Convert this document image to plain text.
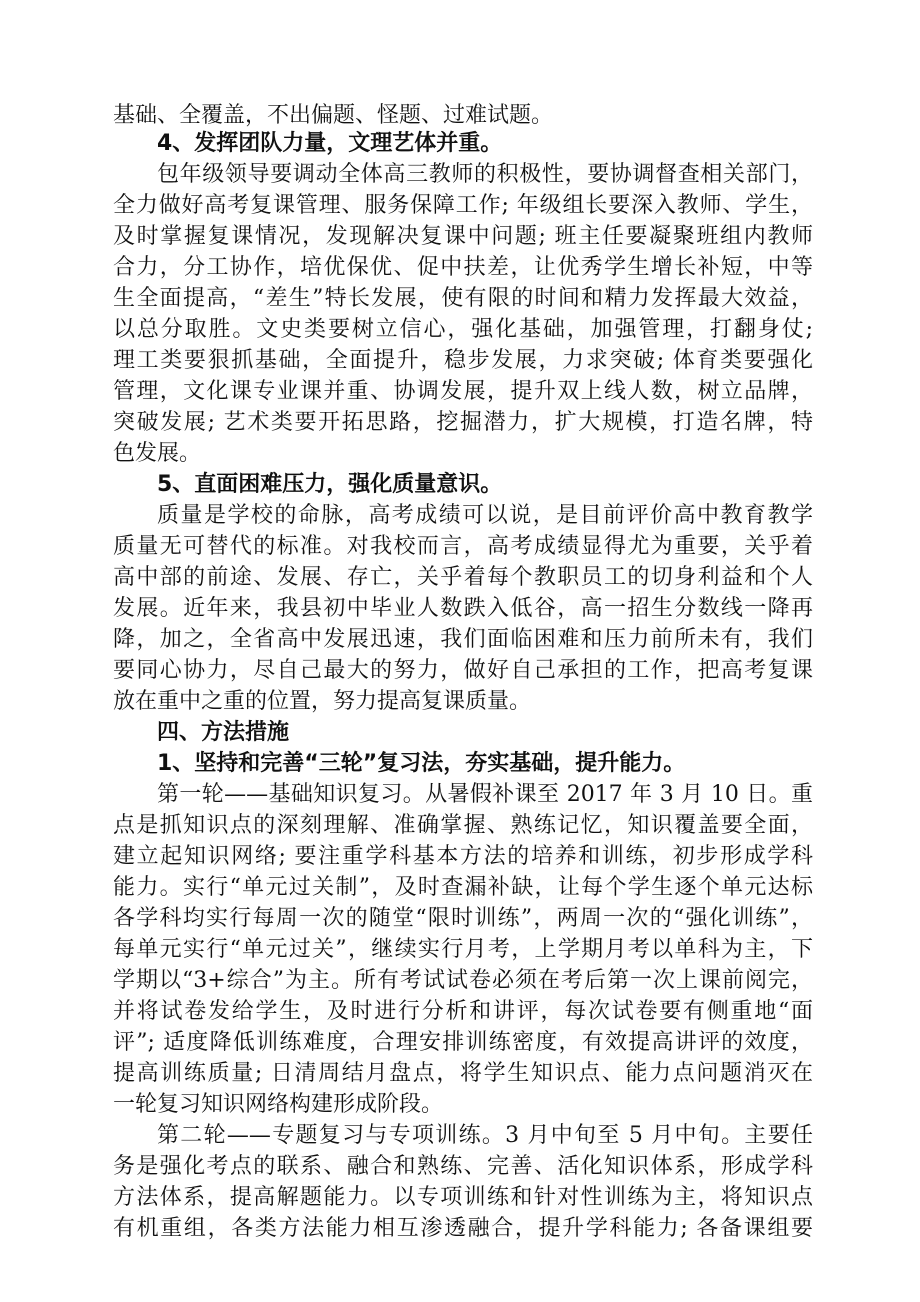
基础、全覆盖，不出偏题、怪题、过难试题。
4、发挥团队力量，文理艺体并重。
包年级领导要调动全体高三教师的积极性，要协调督查相关部门，
全力做好高考复课管理、服务保障工作; 年级组长要深入教师、学生，
及时掌握复课情况，发现解决复课中问题; 班主任要凝聚班组内教师
合力，分工协作，培优保优、促中扶差，让优秀学生增长补短，中等
生全面提高，“差生”特长发展，使有限的时间和精力发挥最大效益，
以总分取胜。文史类要树立信心，强化基础，加强管理，打翻身仗;
理工类要狠抓基础，全面提升，稳步发展，力求突破; 体育类要强化
管理，文化课专业课并重、协调发展，提升双上线人数，树立品牌，
突破发展; 艺术类要开拓思路，挖掘潜力，扩大规模，打造名牌，特
色发展。
5、直面困难压力，强化质量意识。
质量是学校的命脉，高考成绩可以说，是目前评价高中教育教学
质量无可替代的标准。对我校而言，高考成绩显得尤为重要，关乎着
高中部的前途、发展、存亡，关乎着每个教职员工的切身利益和个人
发展。近年来，我县初中毕业人数跌入低谷，高一招生分数线一降再
降，加之，全省高中发展迅速，我们面临困难和压力前所未有，我们
要同心协力，尽自己最大的努力，做好自己承担的工作，把高考复课
放在重中之重的位置，努力提高复课质量。
四、方法措施
1、坚持和完善“三轮”复习法，夯实基础，提升能力。
第一轮——基础知识复习。从暑假补课至 2017 年 3 月 10 日。重
点是抓知识点的深刻理解、准确掌握、熟练记忆，知识覆盖要全面，
建立起知识网络; 要注重学科基本方法的培养和训练，初步形成学科
能力。实行“单元过关制”，及时查漏补缺，让每个学生逐个单元达标
各学科均实行每周一次的随堂“限时训练”，两周一次的“强化训练”，
每单元实行“单元过关”，继续实行月考，上学期月考以单科为主，下
学期以“3+综合”为主。所有考试试卷必须在考后第一次上课前阅完，
并将试卷发给学生，及时进行分析和讲评，每次试卷要有侧重地“面
评”; 适度降低训练难度，合理安排训练密度，有效提高讲评的效度，
提高训练质量; 日清周结月盘点，将学生知识点、能力点问题消灭在
一轮复习知识网络构建形成阶段。
第二轮——专题复习与专项训练。3 月中旬至 5 月中旬。主要任
务是强化考点的联系、融合和熟练、完善、活化知识体系，形成学科
方法体系，提高解题能力。以专项训练和针对性训练为主，将知识点
有机重组，各类方法能力相互渗透融合，提升学科能力; 各备课组要
